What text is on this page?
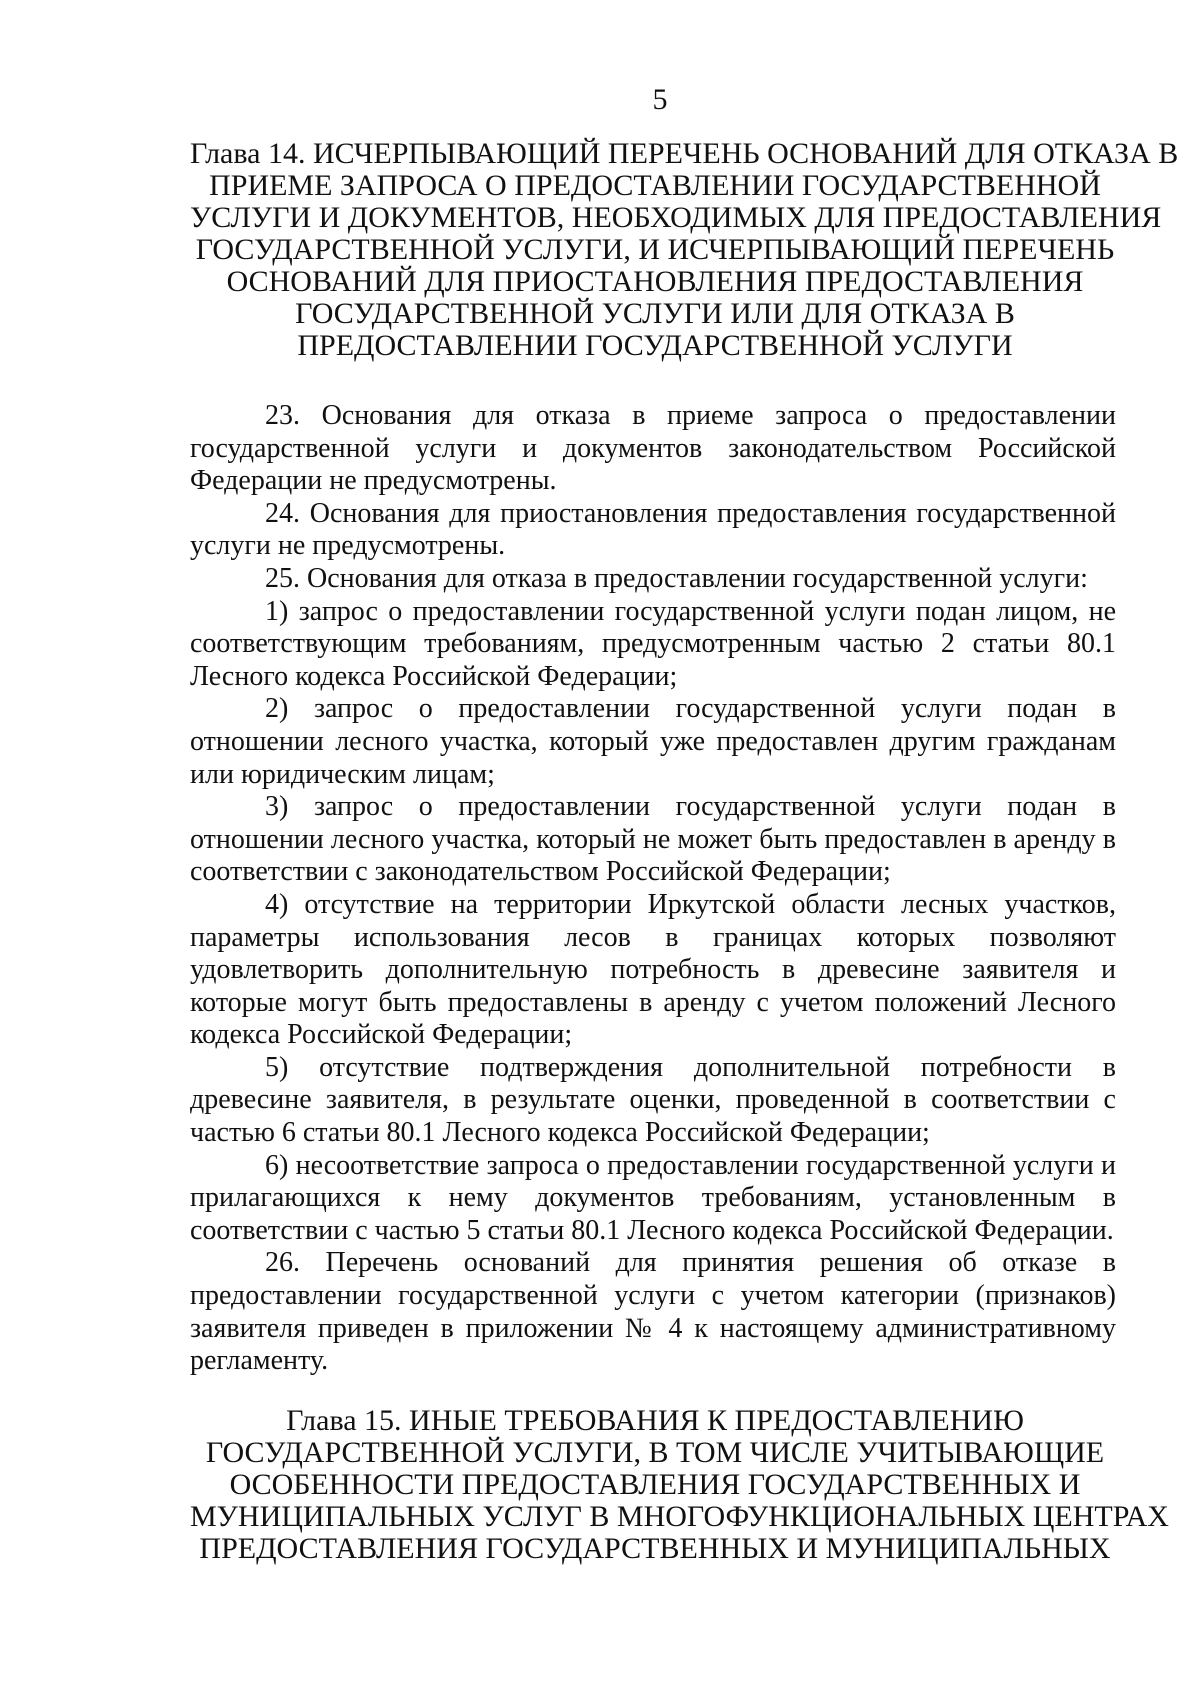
5
Глава 14. ИСЧЕРПЫВАЮЩИЙ ПЕРЕЧЕНЬ ОСНОВАНИЙ ДЛЯ ОТКАЗА В
ПРИЕМЕ ЗАПРОСА О ПРЕДОСТАВЛЕНИИ ГОСУДАРСТВЕННОЙ
УСЛУГИ И ДОКУМЕНТОВ, НЕОБХОДИМЫХ ДЛЯ ПРЕДОСТАВЛЕНИЯ
ГОСУДАРСТВЕННОЙ УСЛУГИ, И ИСЧЕРПЫВАЮЩИЙ ПЕРЕЧЕНЬ
ОСНОВАНИЙ ДЛЯ ПРИОСТАНОВЛЕНИЯ ПРЕДОСТАВЛЕНИЯ
ГОСУДАРСТВЕННОЙ УСЛУГИ ИЛИ ДЛЯ ОТКАЗА В
ПРЕДОСТАВЛЕНИИ ГОСУДАРСТВЕННОЙ УСЛУГИ

23. Основания для отказа в приеме запроса о предоставлении государственной услуги и документов законодательством Российской Федерации не предусмотрены.

24. Основания для приостановления предоставления государственной услуги не предусмотрены.

25. Основания для отказа в предоставлении государственной услуги:

1) запрос о предоставлении государственной услуги подан лицом, не соответствующим требованиям, предусмотренным частью 2 статьи 80.1 Лесного кодекса Российской Федерации;

2) запрос о предоставлении государственной услуги подан в отношении лесного участка, который уже предоставлен другим гражданам или юридическим лицам;

3) запрос о предоставлении государственной услуги подан в отношении лесного участка, который не может быть предоставлен в аренду в соответствии с законодательством Российской Федерации;

4) отсутствие на территории Иркутской области лесных участков, параметры использования лесов в границах которых позволяют удовлетворить дополнительную потребность в древесине заявителя и которые могут быть предоставлены в аренду с учетом положений Лесного кодекса Российской Федерации;

5) отсутствие подтверждения дополнительной потребности в древесине заявителя, в результате оценки, проведенной в соответствии с частью 6 статьи 80.1 Лесного кодекса Российской Федерации;

6) несоответствие запроса о предоставлении государственной услуги и прилагающихся к нему документов требованиям, установленным в соответствии с частью 5 статьи 80.1 Лесного кодекса Российской Федерации.

26. Перечень оснований для принятия решения об отказе в предоставлении государственной услуги с учетом категории (признаков) заявителя приведен в приложении № 4 к настоящему административному регламенту.

Глава 15. ИНЫЕ ТРЕБОВАНИЯ К ПРЕДОСТАВЛЕНИЮ
ГОСУДАРСТВЕННОЙ УСЛУГИ, В ТОМ ЧИСЛЕ УЧИТЫВАЮЩИЕ
ОСОБЕННОСТИ ПРЕДОСТАВЛЕНИЯ ГОСУДАРСТВЕННЫХ И
МУНИЦИПАЛЬНЫХ УСЛУГ В МНОГОФУНКЦИОНАЛЬНЫХ ЦЕНТРАХ
ПРЕДОСТАВЛЕНИЯ ГОСУДАРСТВЕННЫХ И МУНИЦИПАЛЬНЫХ
